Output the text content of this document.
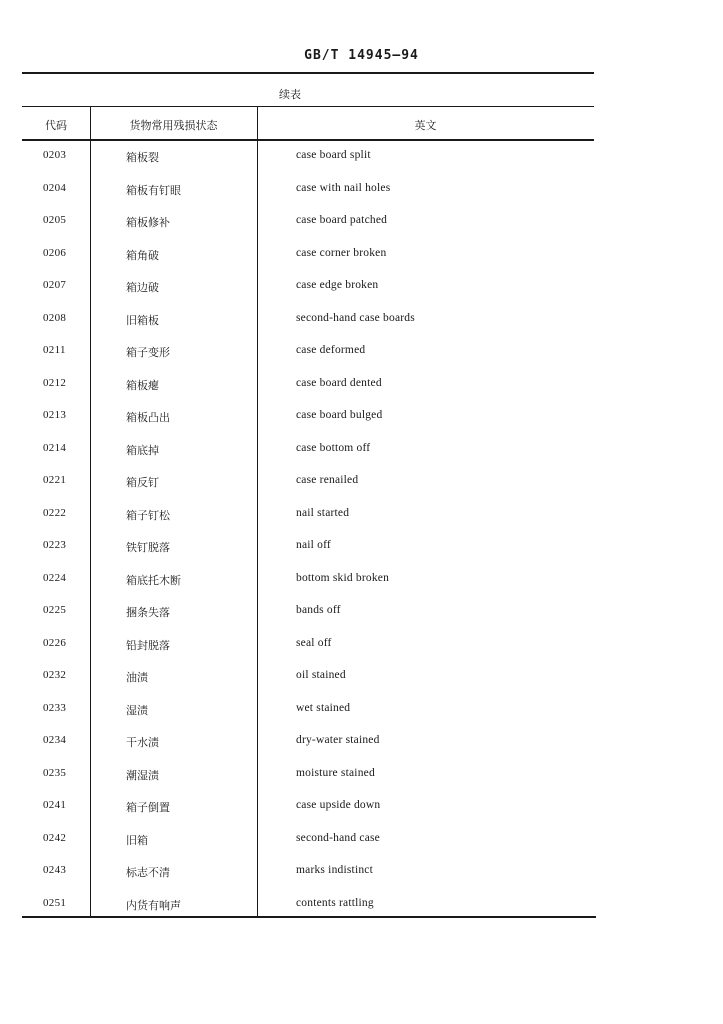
GB/T 14945—94
续表
代码	货物常用残损状态	英文
0203	箱板裂	case board split
0204	箱板有钉眼	case with nail holes
0205	箱板修补	case board patched
0206	箱角破	case corner broken
0207	箱边破	case edge broken
0208	旧箱板	second-hand case boards
0211	箱子变形	case deformed
0212	箱板瘪	case board dented
0213	箱板凸出	case board bulged
0214	箱底掉	case bottom off
0221	箱反钉	case renailed
0222	箱子钉松	nail started
0223	铁钉脱落	nail off
0224	箱底托木断	bottom skid broken
0225	捆条失落	bands off
0226	铅封脱落	seal off
0232	油渍	oil stained
0233	湿渍	wet stained
0234	干水渍	dry-water stained
0235	潮湿渍	moisture stained
0241	箱子倒置	case upside down
0242	旧箱	second-hand case
0243	标志不清	marks indistinct
0251	内货有响声	contents rattling
